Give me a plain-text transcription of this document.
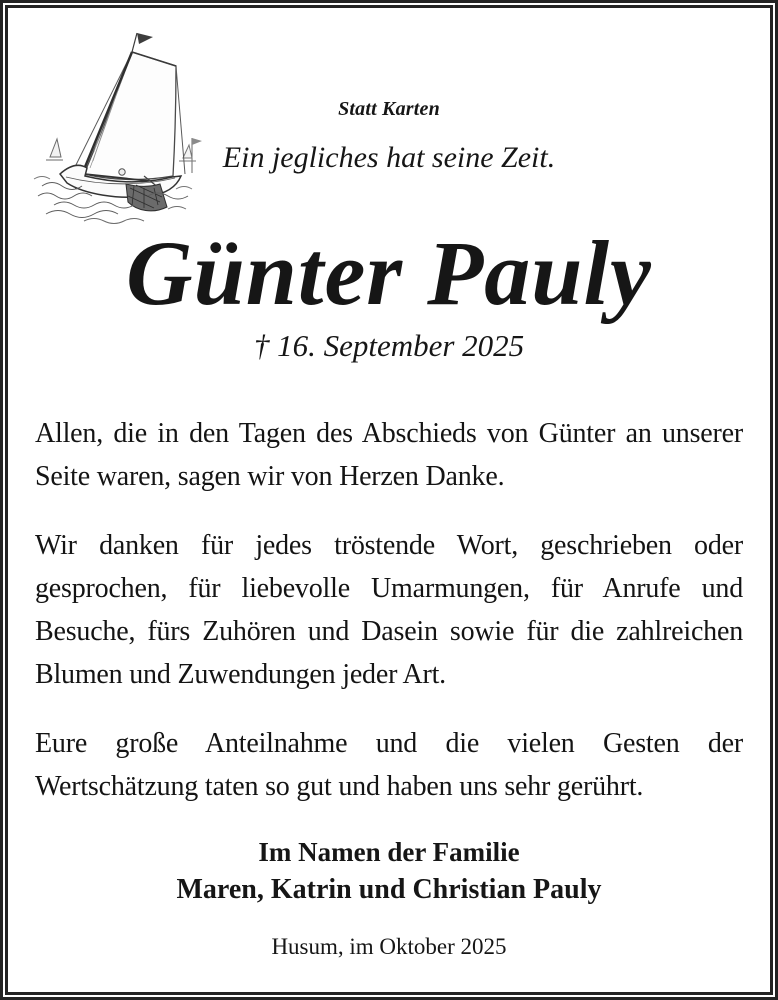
Statt Karten
Ein jegliches hat seine Zeit.
Günter Pauly
† 16. September 2025

Allen, die in den Tagen des Abschieds von Günter an unserer Seite waren, sagen wir von Herzen Danke.

Wir danken für jedes tröstende Wort, geschrieben oder gesprochen, für liebevolle Umarmungen, für Anrufe und Besuche, fürs Zuhören und Dasein sowie für die zahlreichen Blumen und Zuwendungen jeder Art.

Eure große Anteilnahme und die vielen Gesten der Wertschätzung taten so gut und haben uns sehr gerührt.

Im Namen der Familie
Maren, Katrin und Christian Pauly
Husum, im Oktober 2025
